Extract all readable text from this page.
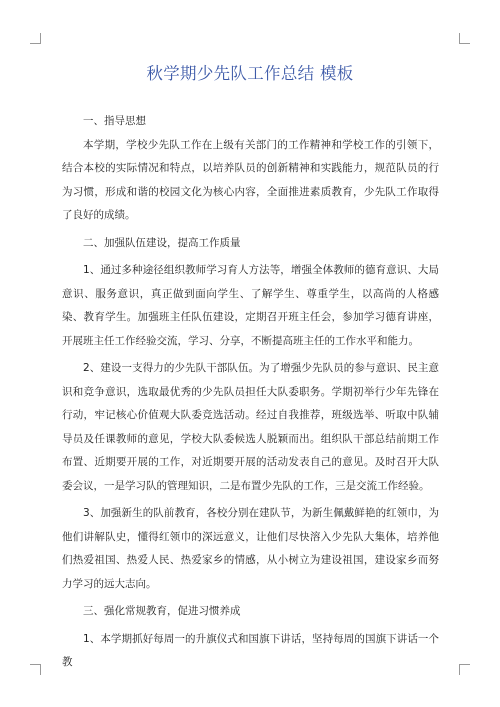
秋学期少先队工作总结 模板

一、指导思想

本学期，学校少先队工作在上级有关部门的工作精神和学校工作的引领下，结合本校的实际情况和特点，以培养队员的创新精神和实践能力，规范队员的行为习惯，形成和谐的校园文化为核心内容，全面推进素质教育，少先队工作取得了良好的成绩。

二、加强队伍建设，提高工作质量

1、通过多种途径组织教师学习育人方法等，增强全体教师的德育意识、大局意识、服务意识，真正做到面向学生、了解学生、尊重学生，以高尚的人格感染、教育学生。加强班主任队伍建设，定期召开班主任会，参加学习德育讲座，开展班主任工作经验交流，学习、分享，不断提高班主任的工作水平和能力。

2、建设一支得力的少先队干部队伍。为了增强少先队员的参与意识、民主意识和竞争意识，选取最优秀的少先队员担任大队委职务。学期初举行少年先锋在行动，牢记核心价值观大队委竞选活动。经过自我推荐，班级选举、听取中队辅导员及任课教师的意见，学校大队委候选人脱颖而出。组织队干部总结前期工作布置、近期要开展的工作，对近期要开展的活动发表自己的意见。及时召开大队委会议，一是学习队的管理知识，二是布置少先队的工作，三是交流工作经验。

3、加强新生的队前教育，各校分别在建队节，为新生佩戴鲜艳的红领巾，为他们讲解队史，懂得红领巾的深远意义，让他们尽快溶入少先队大集体，培养他们热爱祖国、热爱人民、热爱家乡的情感，从小树立为建设祖国，建设家乡而努力学习的远大志向。

三、强化常规教育，促进习惯养成

1、本学期抓好每周一的升旗仪式和国旗下讲话，坚持每周的国旗下讲话一个教
